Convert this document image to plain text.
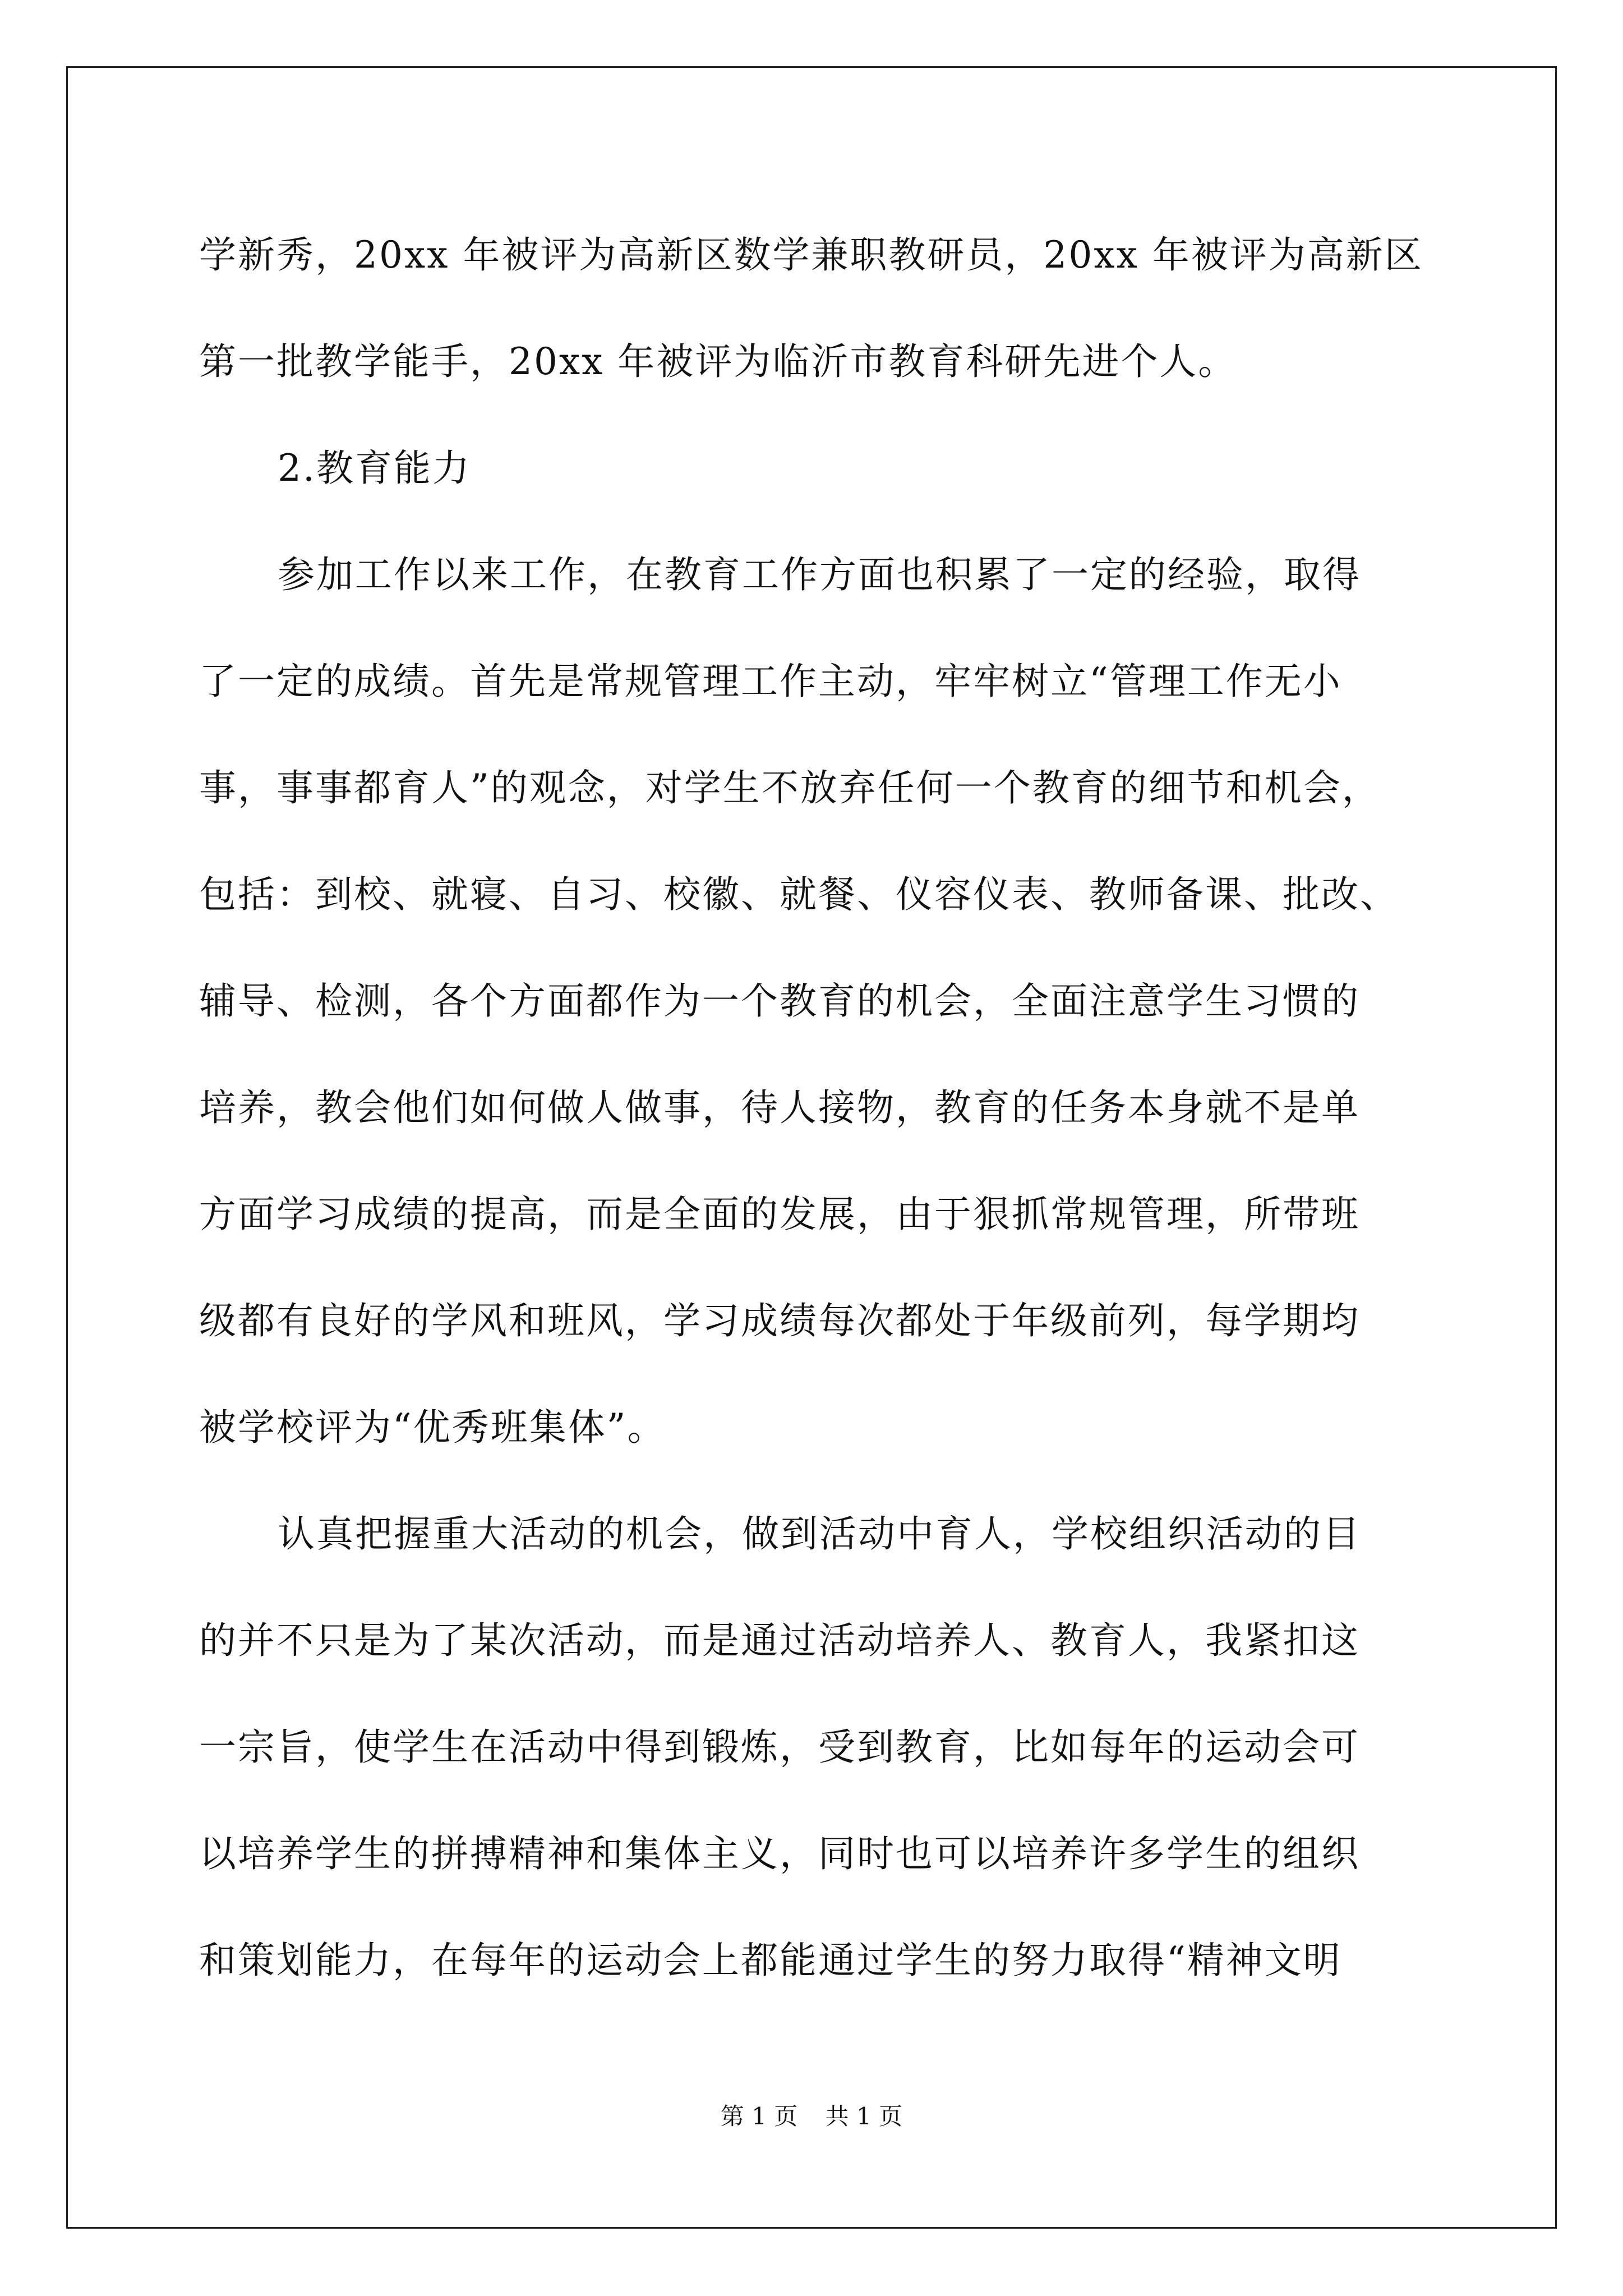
学新秀，20xx 年被评为高新区数学兼职教研员，20xx 年被评为高新区
第一批教学能手，20xx 年被评为临沂市教育科研先进个人。
2.教育能力
参加工作以来工作，在教育工作方面也积累了一定的经验，取得
了一定的成绩。首先是常规管理工作主动，牢牢树立“管理工作无小
事，事事都育人”的观念，对学生不放弃任何一个教育的细节和机会，
包括：到校、就寝、自习、校徽、就餐、仪容仪表、教师备课、批改、
辅导、检测，各个方面都作为一个教育的机会，全面注意学生习惯的
培养，教会他们如何做人做事，待人接物，教育的任务本身就不是单
方面学习成绩的提高，而是全面的发展，由于狠抓常规管理，所带班
级都有良好的学风和班风，学习成绩每次都处于年级前列，每学期均
被学校评为“优秀班集体”。
认真把握重大活动的机会，做到活动中育人，学校组织活动的目
的并不只是为了某次活动，而是通过活动培养人、教育人，我紧扣这
一宗旨，使学生在活动中得到锻炼，受到教育，比如每年的运动会可
以培养学生的拼搏精神和集体主义，同时也可以培养许多学生的组织
和策划能力，在每年的运动会上都能通过学生的努力取得“精神文明
第 1 页 共 1 页
